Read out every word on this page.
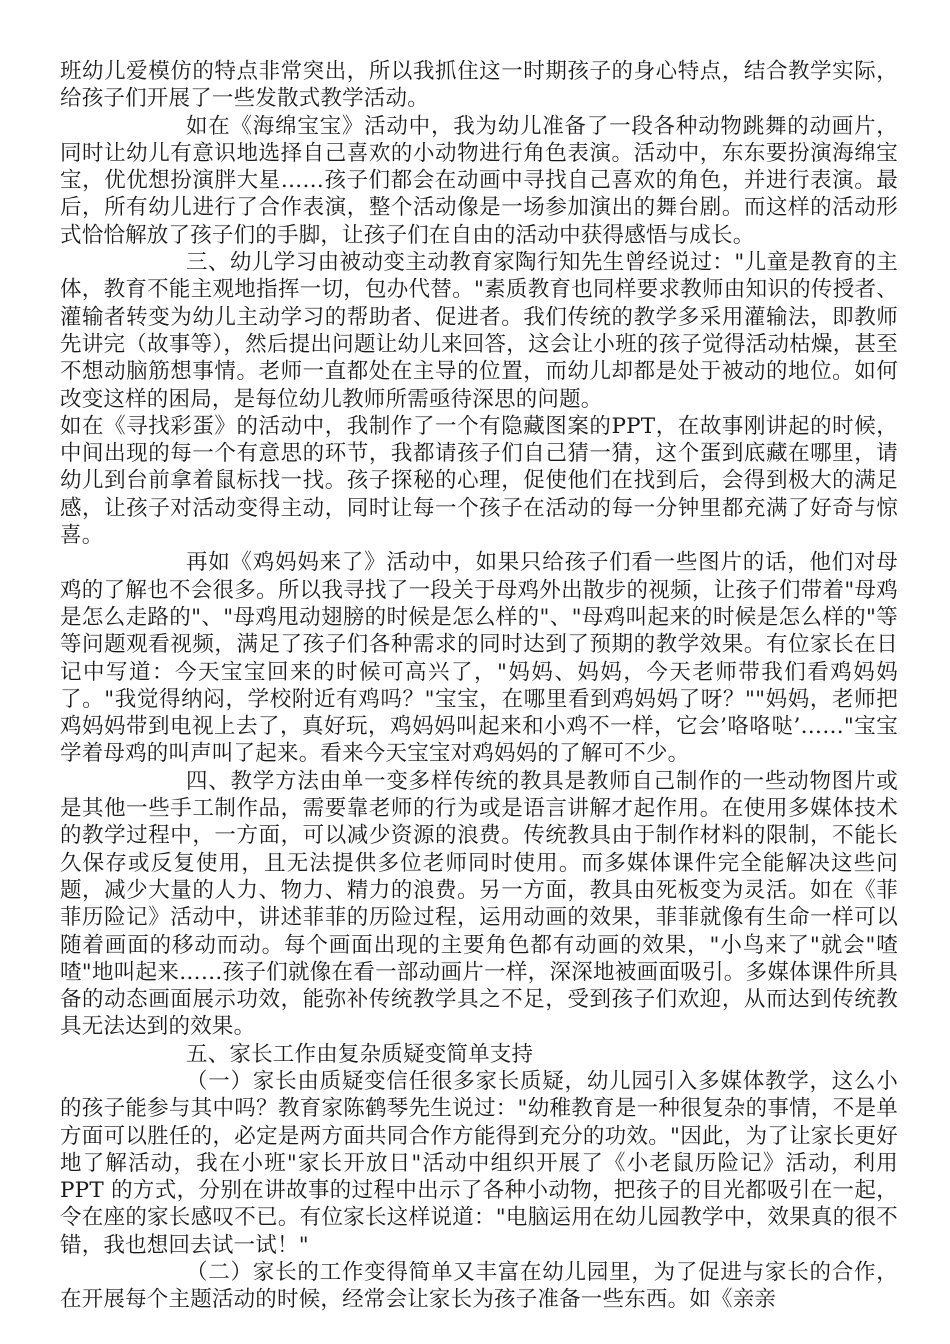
班幼儿爱模仿的特点非常突出，所以我抓住这一时期孩子的身心特点，结合教学实际，给孩子们开展了一些发散式教学活动。

如在《海绵宝宝》活动中，我为幼儿准备了一段各种动物跳舞的动画片，同时让幼儿有意识地选择自己喜欢的小动物进行角色表演。活动中，东东要扮演海绵宝宝，优优想扮演胖大星……孩子们都会在动画中寻找自己喜欢的角色，并进行表演。最后，所有幼儿进行了合作表演，整个活动像是一场参加演出的舞台剧。而这样的活动形式恰恰解放了孩子们的手脚，让孩子们在自由的活动中获得感悟与成长。

三、幼儿学习由被动变主动教育家陶行知先生曾经说过："儿童是教育的主体，教育不能主观地指挥一切，包办代替。"素质教育也同样要求教师由知识的传授者、灌输者转变为幼儿主动学习的帮助者、促进者。我们传统的教学多采用灌输法，即教师先讲完（故事等），然后提出问题让幼儿来回答，这会让小班的孩子觉得活动枯燥，甚至不想动脑筋想事情。老师一直都处在主导的位置，而幼儿却都是处于被动的地位。如何改变这样的困局，是每位幼儿教师所需亟待深思的问题。

如在《寻找彩蛋》的活动中，我制作了一个有隐藏图案的PPT，在故事刚讲起的时候，中间出现的每一个有意思的环节，我都请孩子们自己猜一猜，这个蛋到底藏在哪里，请幼儿到台前拿着鼠标找一找。孩子探秘的心理，促使他们在找到后，会得到极大的满足感，让孩子对活动变得主动，同时让每一个孩子在活动的每一分钟里都充满了好奇与惊喜。

再如《鸡妈妈来了》活动中，如果只给孩子们看一些图片的话，他们对母鸡的了解也不会很多。所以我寻找了一段关于母鸡外出散步的视频，让孩子们带着"母鸡是怎么走路的"、"母鸡甩动翅膀的时候是怎么样的"、"母鸡叫起来的时候是怎么样的"等等问题观看视频，满足了孩子们各种需求的同时达到了预期的教学效果。有位家长在日记中写道：今天宝宝回来的时候可高兴了，"妈妈、妈妈，今天老师带我们看鸡妈妈了。"我觉得纳闷，学校附近有鸡吗？"宝宝，在哪里看到鸡妈妈了呀？""妈妈，老师把鸡妈妈带到电视上去了，真好玩，鸡妈妈叫起来和小鸡不一样，它会’咯咯哒’……"宝宝学着母鸡的叫声叫了起来。看来今天宝宝对鸡妈妈的了解可不少。

四、教学方法由单一变多样传统的教具是教师自己制作的一些动物图片或是其他一些手工制作品，需要靠老师的行为或是语言讲解才起作用。在使用多媒体技术的教学过程中，一方面，可以减少资源的浪费。传统教具由于制作材料的限制，不能长久保存或反复使用，且无法提供多位老师同时使用。而多媒体课件完全能解决这些问题，减少大量的人力、物力、精力的浪费。另一方面，教具由死板变为灵活。如在《菲菲历险记》活动中，讲述菲菲的历险过程，运用动画的效果，菲菲就像有生命一样可以随着画面的移动而动。每个画面出现的主要角色都有动画的效果，"小鸟来了"就会"喳喳"地叫起来……孩子们就像在看一部动画片一样，深深地被画面吸引。多媒体课件所具备的动态画面展示功效，能弥补传统教学具之不足，受到孩子们欢迎，从而达到传统教具无法达到的效果。

五、家长工作由复杂质疑变简单支持

（一）家长由质疑变信任很多家长质疑，幼儿园引入多媒体教学，这么小的孩子能参与其中吗？教育家陈鹤琴先生说过："幼稚教育是一种很复杂的事情，不是单方面可以胜任的，必定是两方面共同合作方能得到充分的功效。"因此，为了让家长更好地了解活动，我在小班"家长开放日"活动中组织开展了《小老鼠历险记》活动，利用PPT 的方式，分别在讲故事的过程中出示了各种小动物，把孩子的目光都吸引在一起，令在座的家长感叹不已。有位家长这样说道："电脑运用在幼儿园教学中，效果真的很不错，我也想回去试一试！"

（二）家长的工作变得简单又丰富在幼儿园里，为了促进与家长的合作，在开展每个主题活动的时候，经常会让家长为孩子准备一些东西。如《亲亲
